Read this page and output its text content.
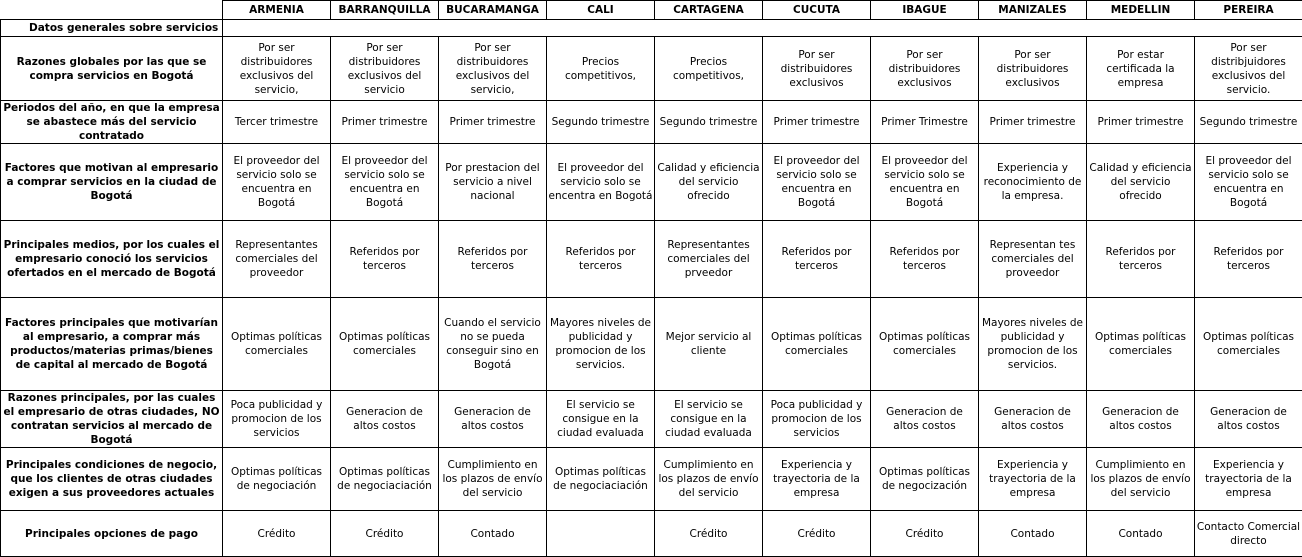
	ARMENIA	BARRANQUILLA	BUCARAMANGA	CALI	CARTAGENA	CUCUTA	IBAGUE	MANIZALES	MEDELLIN	PEREIRA
Datos generales sobre servicios										
Razones globales por las que se compra servicios en Bogotá	Por ser distribuidores exclusivos del servicio,	Por ser distribuidores exclusivos del servicio	Por ser distribuidores exclusivos del servicio,	Precios competitivos,	Precios competitivos,	Por ser distribuidores exclusivos	Por ser distribuidores exclusivos	Por ser distribuidores exclusivos	Por estar certificada la empresa	Por ser distribjuidores exclusivos del servicio.
Periodos del año, en que la empresa se abastece más del servicio contratado	Tercer trimestre	Primer trimestre	Primer trimestre	Segundo trimestre	Segundo trimestre	Primer trimestre	Primer Trimestre	Primer trimestre	Primer trimestre	Segundo trimestre
Factores que motivan al empresario a comprar servicios en la ciudad de Bogotá	El proveedor del servicio solo se encuentra en Bogotá	El proveedor del servicio solo se encuentra en Bogotá	Por prestacion del servicio a nivel nacional	El proveedor del servicio solo se encentra en Bogotá	Calidad y eficiencia del servicio ofrecido	El proveedor del servicio solo se encuentra en Bogotá	El proveedor del servicio solo se encuentra en Bogotá	Experiencia y reconocimiento de la empresa.	Calidad y eficiencia del servicio ofrecido	El proveedor del servicio solo se encuentra en Bogotá
Principales medios, por los cuales el empresario conoció los servicios ofertados en el mercado de Bogotá	Representantes comerciales del proveedor	Referidos por terceros	Referidos por terceros	Referidos por terceros	Representantes comerciales del prveedor	Referidos por terceros	Referidos por terceros	Representan tes comerciales del proveedor	Referidos por terceros	Referidos por terceros
Factores principales que motivarían al empresario, a comprar más productos/materias primas/bienes de capital al mercado de Bogotá	Optimas políticas comerciales	Optimas políticas comerciales	Cuando el servicio no se pueda conseguir sino en Bogotá	Mayores niveles de publicidad y promocion de los servicios.	Mejor servicio al cliente	Optimas políticas comerciales	Optimas políticas comerciales	Mayores niveles de publicidad y promocion de los servicios.	Optimas políticas comerciales	Optimas políticas comerciales
Razones principales, por las cuales el empresario de otras ciudades, NO contratan servicios al mercado de Bogotá	Poca publicidad y promocion de los servicios	Generacion de altos costos	Generacion de altos costos	El servicio se consigue en la ciudad evaluada	El servicio se consigue en la ciudad evaluada	Poca publicidad y promocion de los servicios	Generacion de altos costos	Generacion de altos costos	Generacion de altos costos	Generacion de altos costos
Principales condiciones de negocio, que los clientes de otras ciudades exigen a sus proveedores actuales	Optimas políticas de negociación	Optimas políticas de negociaciación	Cumplimiento en los plazos de envío del servicio	Optimas políticas de negociaciación	Cumplimiento en los plazos de envío del servicio	Experiencia y trayectoria de la empresa	Optimas políticas de negocización	Experiencia y trayectoria de la empresa	Cumplimiento en los plazos de envío del servicio	Experiencia y trayectoria de la empresa
Principales opciones de pago	Crédito	Crédito	Contado		Crédito	Crédito	Crédito	Contado	Contado	Contacto Comercial directo
